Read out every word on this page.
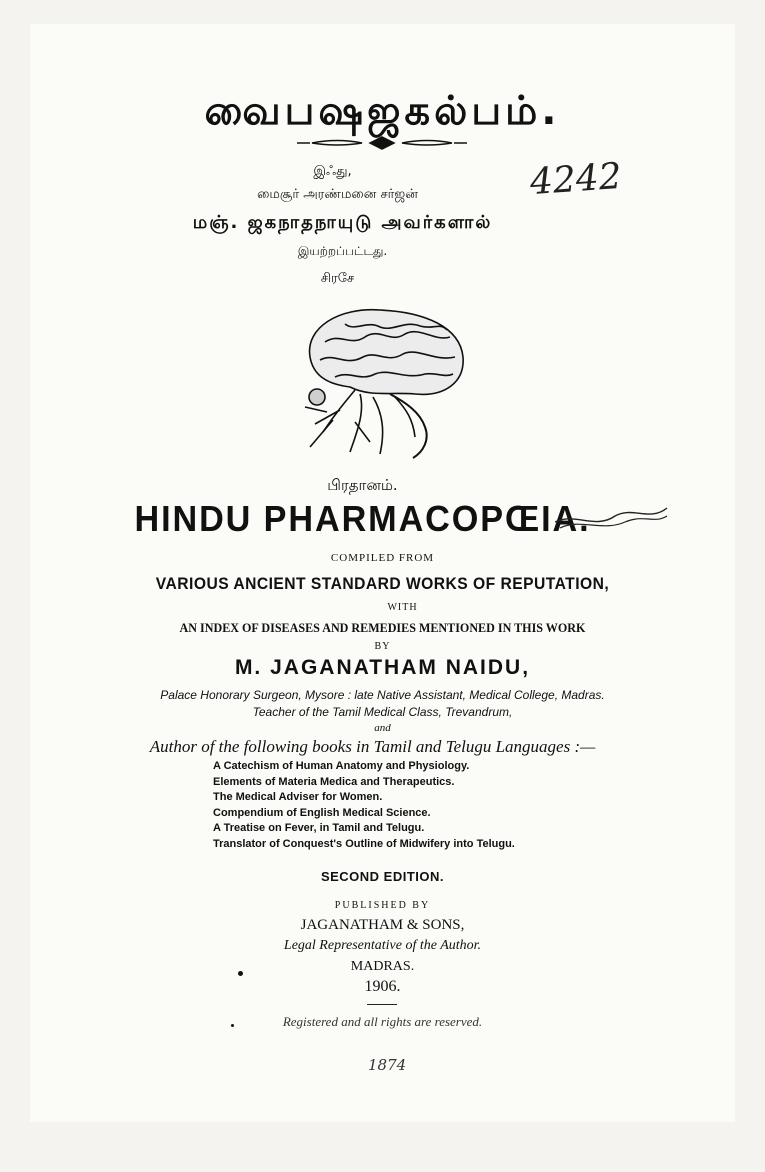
வைபஷஜகல்பம்.
இஃது,
மைசூர் அரண்மனை சர்ஜன்
மஞ். ஜகநாதநாயுடு அவர்களால்
இயற்றப்பட்டது.
சிரசே
4242
பிரதானம்.
HINDU PHARMACOPŒIA.
COMPILED FROM
VARIOUS ANCIENT STANDARD WORKS OF REPUTATION,
WITH
AN INDEX OF DISEASES AND REMEDIES MENTIONED IN THIS WORK
BY
M. JAGANATHAM NAIDU,
Palace Honorary Surgeon, Mysore : late Native Assistant, Medical College, Madras.
Teacher of the Tamil Medical Class, Trevandrum,
and
Author of the following books in Tamil and Telugu Languages :—
A Catechism of Human Anatomy and Physiology.
Elements of Materia Medica and Therapeutics.
The Medical Adviser for Women.
Compendium of English Medical Science.
A Treatise on Fever, in Tamil and Telugu.
Translator of Conquest's Outline of Midwifery into Telugu.
SECOND EDITION.
PUBLISHED BY
JAGANATHAM & SONS,
Legal Representative of the Author.
MADRAS.
1906.
Registered and all rights are reserved.
1874
